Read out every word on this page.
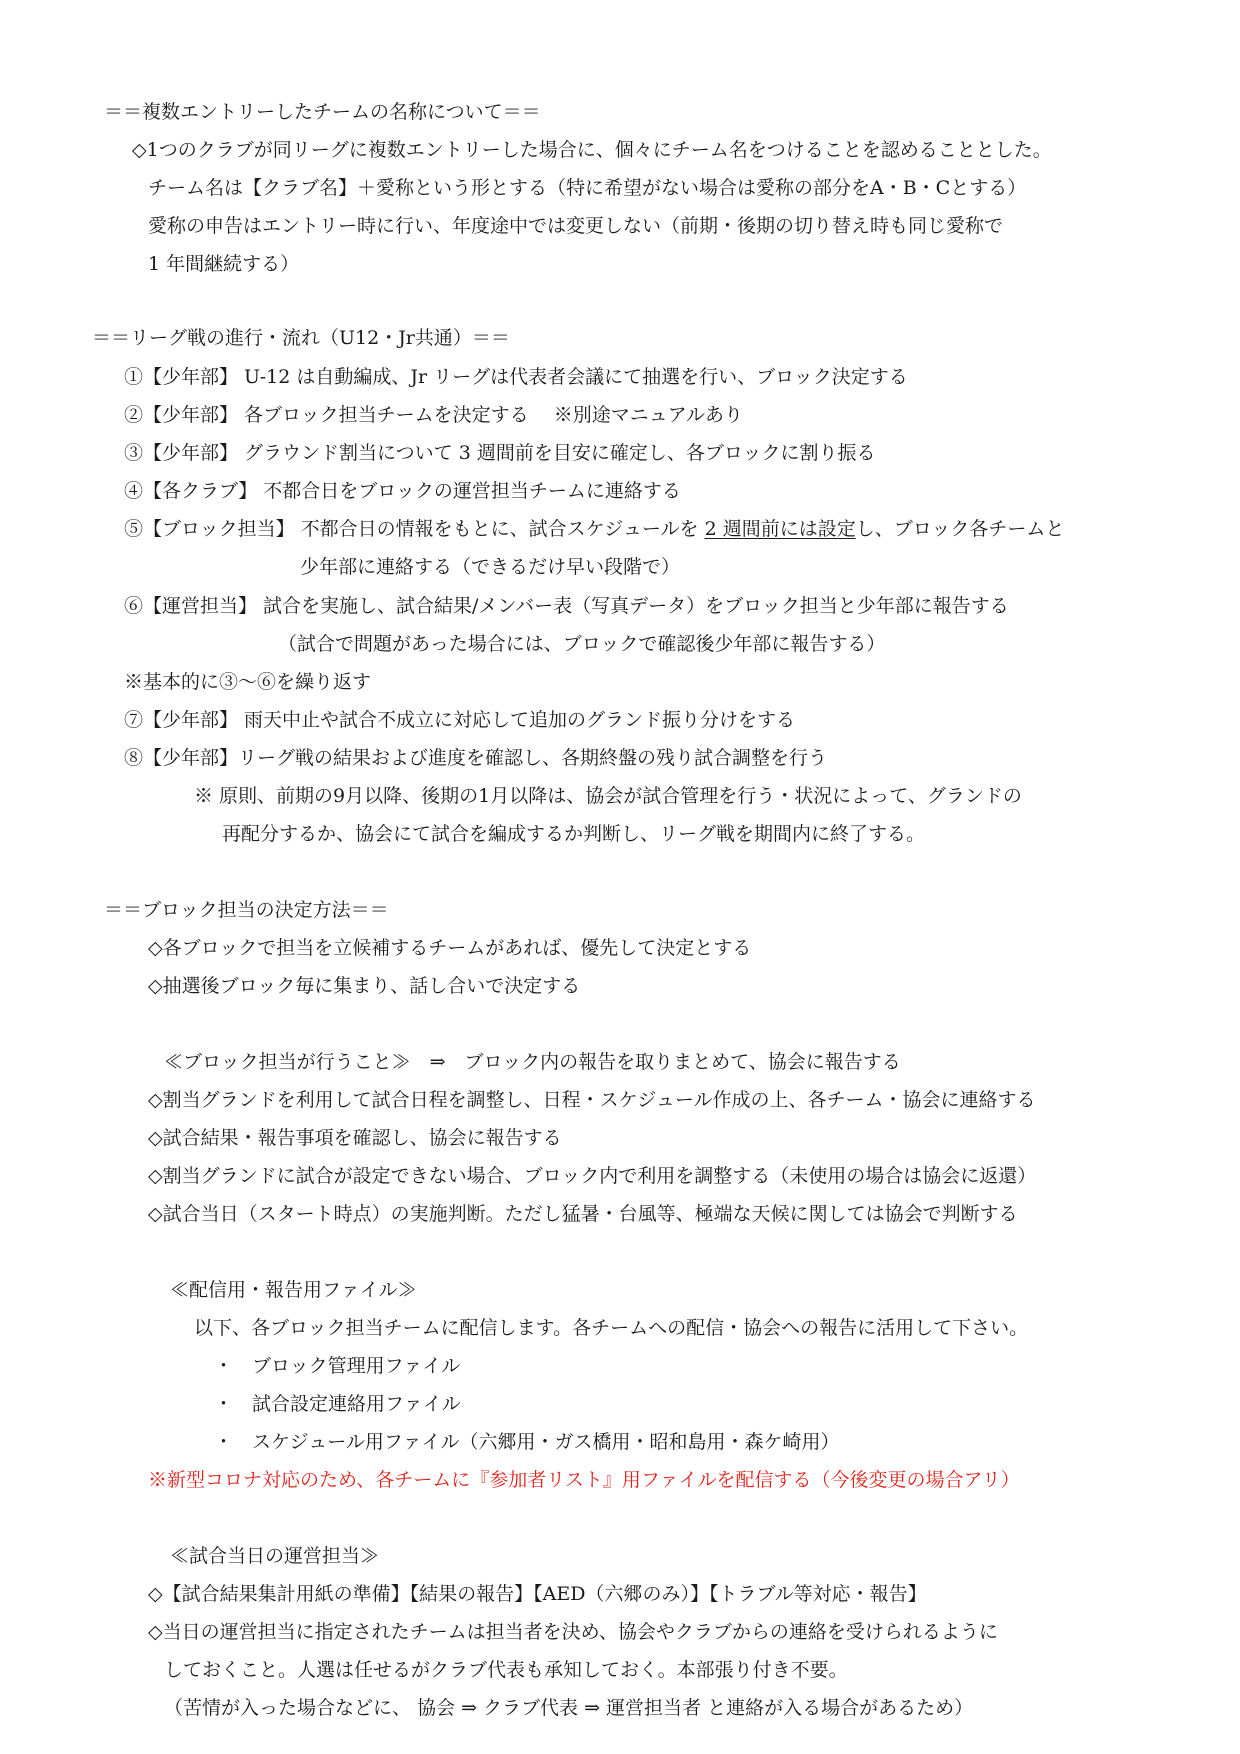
＝＝複数エントリーしたチームの名称について＝＝
◇1つのクラブが同リーグに複数エントリーした場合に、個々にチーム名をつけることを認めることとした。
チーム名は【クラブ名】＋愛称という形とする（特に希望がない場合は愛称の部分をA・B・Cとする）
愛称の申告はエントリー時に行い、年度途中では変更しない（前期・後期の切り替え時も同じ愛称で
1 年間継続する）
＝＝リーグ戦の進行・流れ（U12・Jr共通）＝＝
①【少年部】 U-12 は自動編成、Jr リーグは代表者会議にて抽選を行い、ブロック決定する
②【少年部】 各ブロック担当チームを決定する　 ※別途マニュアルあり
③【少年部】 グラウンド割当について 3 週間前を目安に確定し、各ブロックに割り振る
④【各クラブ】 不都合日をブロックの運営担当チームに連絡する
⑤【ブロック担当】 不都合日の情報をもとに、試合スケジュールを 2 週間前には設定し、ブロック各チームと
少年部に連絡する（できるだけ早い段階で）
⑥【運営担当】 試合を実施し、試合結果/メンバー表（写真データ）をブロック担当と少年部に報告する
（試合で問題があった場合には、ブロックで確認後少年部に報告する）
※基本的に③～⑥を繰り返す
⑦【少年部】 雨天中止や試合不成立に対応して追加のグランド振り分けをする
⑧【少年部】リーグ戦の結果および進度を確認し、各期終盤の残り試合調整を行う
※ 原則、前期の9月以降、後期の1月以降は、協会が試合管理を行う・状況によって、グランドの
再配分するか、協会にて試合を編成するか判断し、リーグ戦を期間内に終了する。
＝＝ブロック担当の決定方法＝＝
◇各ブロックで担当を立候補するチームがあれば、優先して決定とする
◇抽選後ブロック毎に集まり、話し合いで決定する
≪ブロック担当が行うこと≫　⇒　ブロック内の報告を取りまとめて、協会に報告する
◇割当グランドを利用して試合日程を調整し、日程・スケジュール作成の上、各チーム・協会に連絡する
◇試合結果・報告事項を確認し、協会に報告する
◇割当グランドに試合が設定できない場合、ブロック内で利用を調整する（未使用の場合は協会に返還）
◇試合当日（スタート時点）の実施判断。ただし猛暑・台風等、極端な天候に関しては協会で判断する
≪配信用・報告用ファイル≫
以下、各ブロック担当チームに配信します。各チームへの配信・協会への報告に活用して下さい。
・　ブロック管理用ファイル
・　試合設定連絡用ファイル
・　スケジュール用ファイル（六郷用・ガス橋用・昭和島用・森ケ崎用）
※新型コロナ対応のため、各チームに『参加者リスト』用ファイルを配信する（今後変更の場合アリ）
≪試合当日の運営担当≫
◇【試合結果集計用紙の準備】【結果の報告】【AED（六郷のみ）】【トラブル等対応・報告】
◇当日の運営担当に指定されたチームは担当者を決め、協会やクラブからの連絡を受けられるように
しておくこと。人選は任せるがクラブ代表も承知しておく。本部張り付き不要。
（苦情が入った場合などに、 協会 ⇒ クラブ代表 ⇒ 運営担当者 と連絡が入る場合があるため）
